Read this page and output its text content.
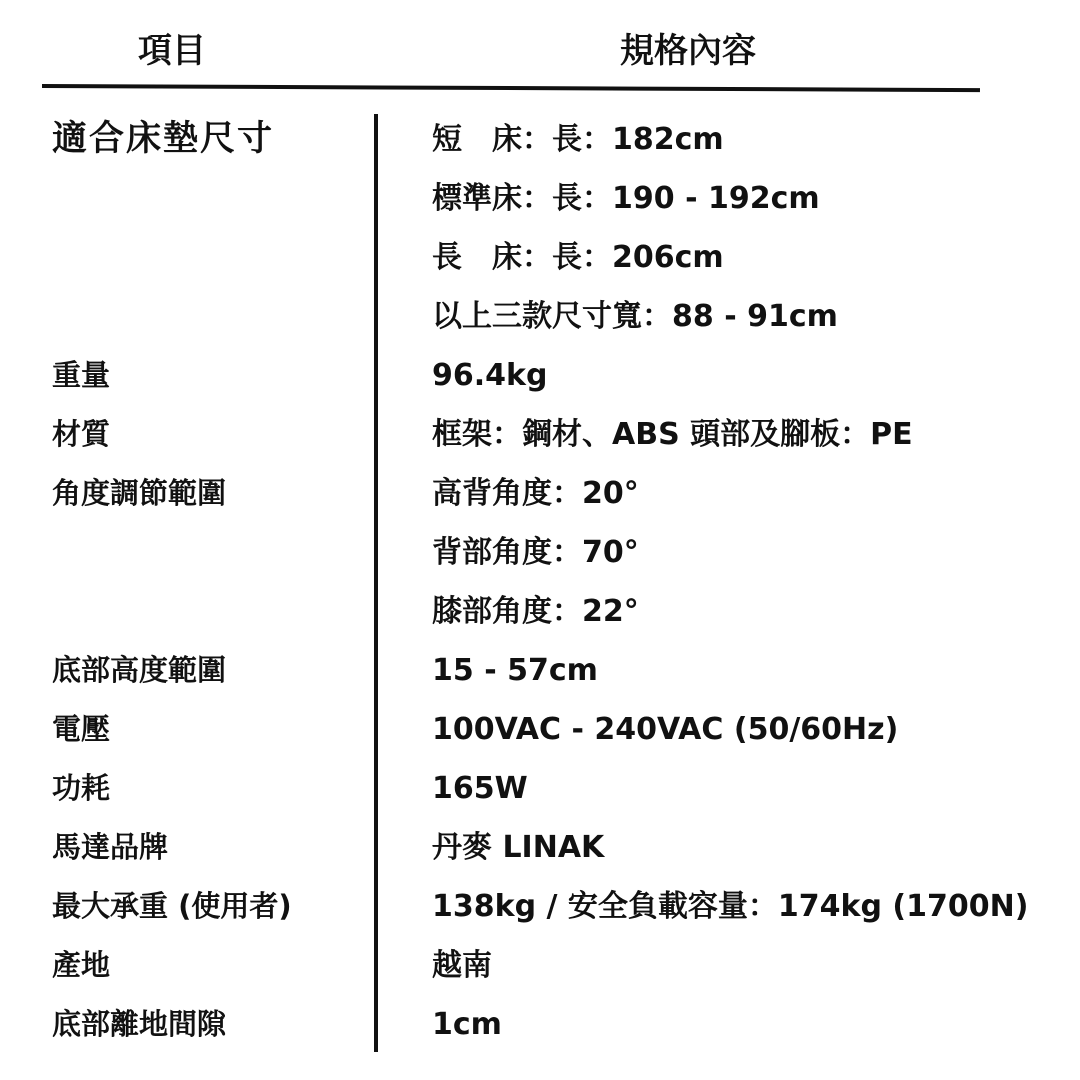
項目	規格內容
適合床墊尺寸	短　床：長：182cm
標準床：長：190 - 192cm
長　床：長：206cm
以上三款尺寸寬：88 - 91cm
重量	96.4kg
材質	框架：鋼材、ABS 頭部及腳板：PE
角度調節範圍	高背角度：20°
背部角度：70°
膝部角度：22°
底部高度範圍	15 - 57cm
電壓	100VAC - 240VAC (50/60Hz)
功耗	165W
馬達品牌	丹麥 LINAK
最大承重 (使用者)	138kg / 安全負載容量：174kg (1700N)
產地	越南
底部離地間隙	1cm
